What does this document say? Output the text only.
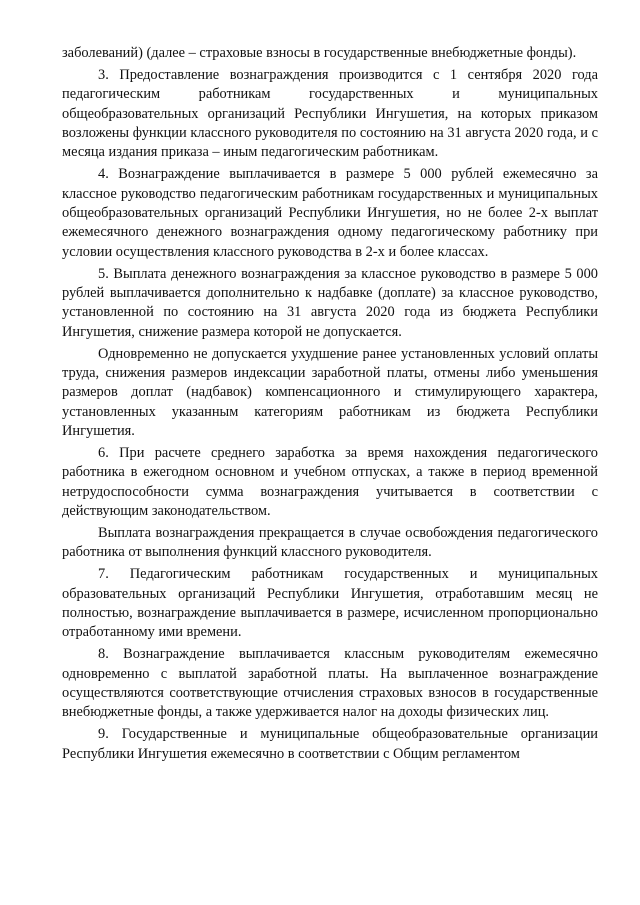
заболеваний) (далее – страховые взносы в государственные внебюджетные фонды).

3. Предоставление вознаграждения производится с 1 сентября 2020 года педагогическим работникам государственных и муниципальных общеобразовательных организаций Республики Ингушетия, на которых приказом возложены функции классного руководителя по состоянию на 31 августа 2020 года, и с месяца издания приказа – иным педагогическим работникам.

4. Вознаграждение выплачивается в размере 5 000 рублей ежемесячно за классное руководство педагогическим работникам государственных и муниципальных общеобразовательных организаций Республики Ингушетия, но не более 2-х выплат ежемесячного денежного вознаграждения одному педагогическому работнику при условии осуществления классного руководства в 2-х и более классах.

5. Выплата денежного вознаграждения за классное руководство в размере 5 000 рублей выплачивается дополнительно к надбавке (доплате) за классное руководство, установленной по состоянию на 31 августа 2020 года из бюджета Республики Ингушетия, снижение размера которой не допускается.

Одновременно не допускается ухудшение ранее установленных условий оплаты труда, снижения размеров индексации заработной платы, отмены либо уменьшения размеров доплат (надбавок) компенсационного и стимулирующего характера, установленных указанным категориям работникам из бюджета Республики Ингушетия.

6. При расчете среднего заработка за время нахождения педагогического работника в ежегодном основном и учебном отпусках, а также в период временной нетрудоспособности сумма вознаграждения учитывается в соответствии с действующим законодательством.

Выплата вознаграждения прекращается в случае освобождения педагогического работника от выполнения функций классного руководителя.

7. Педагогическим работникам государственных и муниципальных образовательных организаций Республики Ингушетия, отработавшим месяц не полностью, вознаграждение выплачивается в размере, исчисленном пропорционально отработанному ими времени.

8. Вознаграждение выплачивается классным руководителям ежемесячно одновременно с выплатой заработной платы. На выплаченное вознаграждение осуществляются соответствующие отчисления страховых взносов в государственные внебюджетные фонды, а также удерживается налог на доходы физических лиц.

9. Государственные и муниципальные общеобразовательные организации Республики Ингушетия ежемесячно в соответствии с Общим регламентом
